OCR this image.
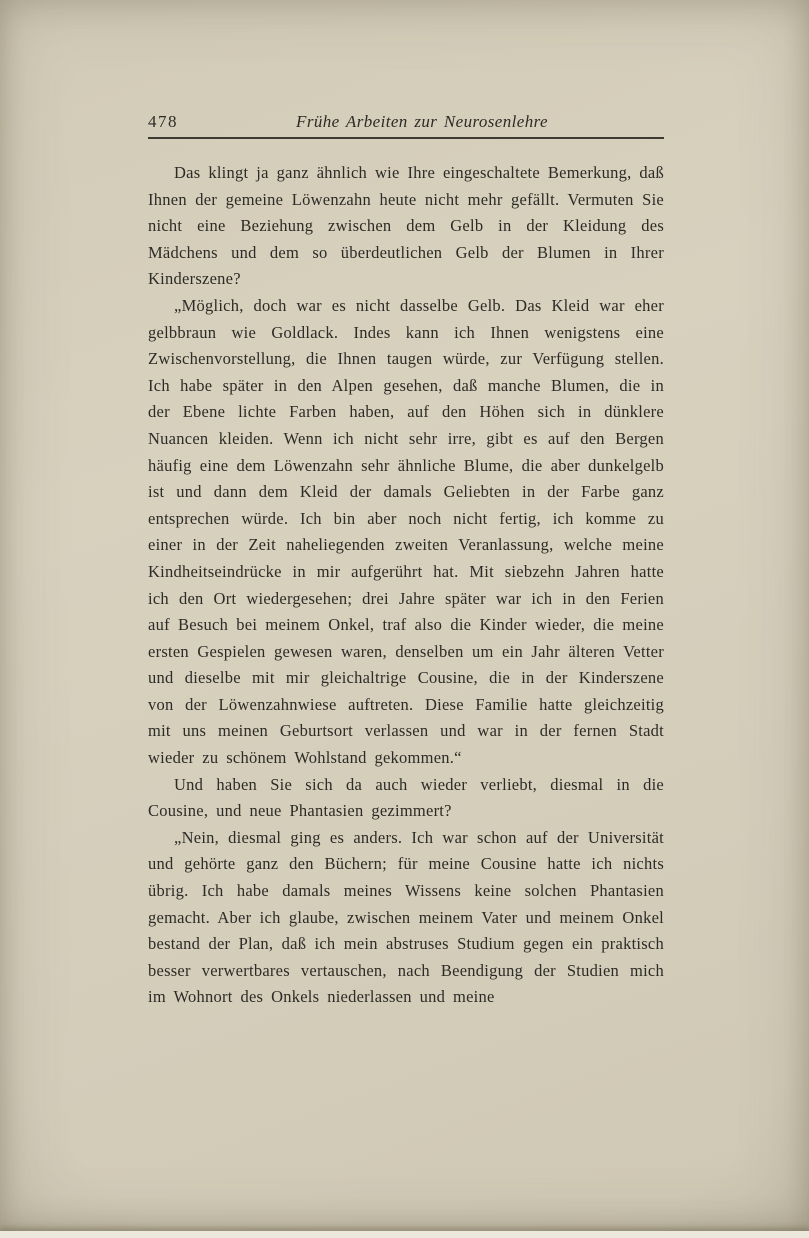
478	Frühe Arbeiten zur Neurosenlehre

Das klingt ja ganz ähnlich wie Ihre eingeschaltete Bemerkung, daß Ihnen der gemeine Löwenzahn heute nicht mehr gefällt. Vermuten Sie nicht eine Beziehung zwischen dem Gelb in der Kleidung des Mädchens und dem so überdeutlichen Gelb der Blumen in Ihrer Kinderszene?

„Möglich, doch war es nicht dasselbe Gelb. Das Kleid war eher gelbbraun wie Goldlack. Indes kann ich Ihnen wenigstens eine Zwischenvorstellung, die Ihnen taugen würde, zur Verfügung stellen. Ich habe später in den Alpen gesehen, daß manche Blumen, die in der Ebene lichte Farben haben, auf den Höhen sich in dünklere Nuancen kleiden. Wenn ich nicht sehr irre, gibt es auf den Bergen häufig eine dem Löwenzahn sehr ähnliche Blume, die aber dunkelgelb ist und dann dem Kleid der damals Geliebten in der Farbe ganz entsprechen würde. Ich bin aber noch nicht fertig, ich komme zu einer in der Zeit naheliegenden zweiten Veranlassung, welche meine Kindheitseindrücke in mir aufgerührt hat. Mit siebzehn Jahren hatte ich den Ort wiedergesehen; drei Jahre später war ich in den Ferien auf Besuch bei meinem Onkel, traf also die Kinder wieder, die meine ersten Gespielen gewesen waren, denselben um ein Jahr älteren Vetter und dieselbe mit mir gleichaltrige Cousine, die in der Kinderszene von der Löwenzahnwiese auftreten. Diese Familie hatte gleichzeitig mit uns meinen Geburtsort verlassen und war in der fernen Stadt wieder zu schönem Wohlstand gekommen.“

Und haben Sie sich da auch wieder verliebt, diesmal in die Cousine, und neue Phantasien gezimmert?

„Nein, diesmal ging es anders. Ich war schon auf der Universität und gehörte ganz den Büchern; für meine Cousine hatte ich nichts übrig. Ich habe damals meines Wissens keine solchen Phantasien gemacht. Aber ich glaube, zwischen meinem Vater und meinem Onkel bestand der Plan, daß ich mein abstruses Studium gegen ein praktisch besser verwertbares vertauschen, nach Beendigung der Studien mich im Wohnort des Onkels niederlassen und meine
